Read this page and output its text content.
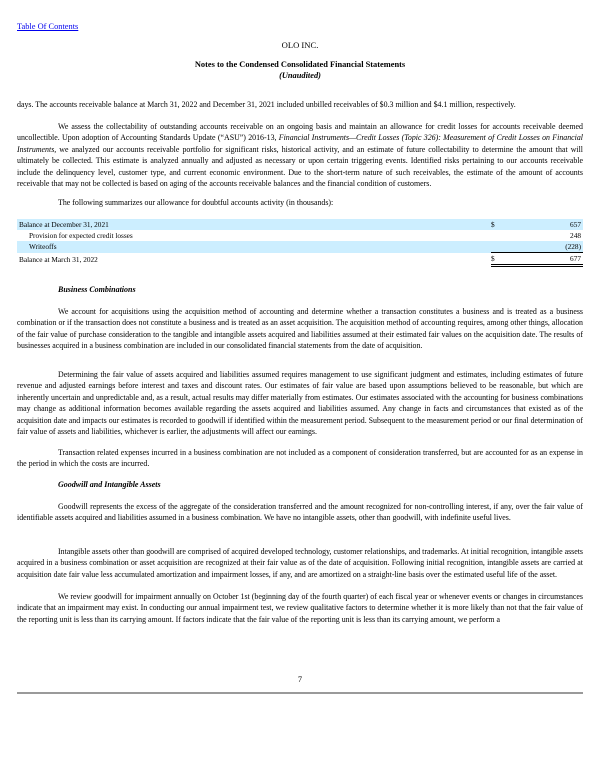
Table Of Contents
OLO INC.
Notes to the Condensed Consolidated Financial Statements
(Unaudited)

days. The accounts receivable balance at March 31, 2022 and December 31, 2021 included unbilled receivables of $0.3 million and $4.1 million, respectively.

We assess the collectability of outstanding accounts receivable on an ongoing basis and maintain an allowance for credit losses for accounts receivable deemed uncollectible. Upon adoption of Accounting Standards Update (“ASU”) 2016-13, Financial Instruments—Credit Losses (Topic 326): Measurement of Credit Losses on Financial Instruments, we analyzed our accounts receivable portfolio for significant risks, historical activity, and an estimate of future collectability to determine the amount that will ultimately be collected. This estimate is analyzed annually and adjusted as necessary or upon certain triggering events. Identified risks pertaining to our accounts receivable include the delinquency level, customer type, and current economic environment. Due to the short-term nature of such receivables, the estimate of the amount of accounts receivable that may not be collected is based on aging of the accounts receivable balances and the financial condition of customers.

The following summarizes our allowance for doubtful accounts activity (in thousands):

Balance at December 31, 2021	$	657
Provision for expected credit losses		248
Writeoffs		(228)
Balance at March 31, 2022	$	677
Business Combinations

We account for acquisitions using the acquisition method of accounting and determine whether a transaction constitutes a business and is treated as a business combination or if the transaction does not constitute a business and is treated as an asset acquisition. The acquisition method of accounting requires, among other things, allocation of the fair value of purchase consideration to the tangible and intangible assets acquired and liabilities assumed at their estimated fair values on the acquisition date. The results of businesses acquired in a business combination are included in our consolidated financial statements from the date of acquisition.

Determining the fair value of assets acquired and liabilities assumed requires management to use significant judgment and estimates, including estimates of future revenue and adjusted earnings before interest and taxes and discount rates. Our estimates of fair value are based upon assumptions believed to be reasonable, but which are inherently uncertain and unpredictable and, as a result, actual results may differ materially from estimates. Our estimates associated with the accounting for business combinations may change as additional information becomes available regarding the assets acquired and liabilities assumed. Any change in facts and circumstances that existed as of the acquisition date and impacts our estimates is recorded to goodwill if identified within the measurement period. Subsequent to the measurement period or our final determination of fair value of assets and liabilities, whichever is earlier, the adjustments will affect our earnings.

Transaction related expenses incurred in a business combination are not included as a component of consideration transferred, but are accounted for as an expense in the period in which the costs are incurred.

Goodwill and Intangible Assets

Goodwill represents the excess of the aggregate of the consideration transferred and the amount recognized for non-controlling interest, if any, over the fair value of identifiable assets acquired and liabilities assumed in a business combination. We have no intangible assets, other than goodwill, with indefinite useful lives.

Intangible assets other than goodwill are comprised of acquired developed technology, customer relationships, and trademarks. At initial recognition, intangible assets acquired in a business combination or asset acquisition are recognized at their fair value as of the date of acquisition. Following initial recognition, intangible assets are carried at acquisition date fair value less accumulated amortization and impairment losses, if any, and are amortized on a straight-line basis over the estimated useful life of the asset.

We review goodwill for impairment annually on October 1st (beginning day of the fourth quarter) of each fiscal year or whenever events or changes in circumstances indicate that an impairment may exist. In conducting our annual impairment test, we review qualitative factors to determine whether it is more likely than not that the fair value of the reporting unit is less than its carrying amount. If factors indicate that the fair value of the reporting unit is less than its carrying amount, we perform a

7
